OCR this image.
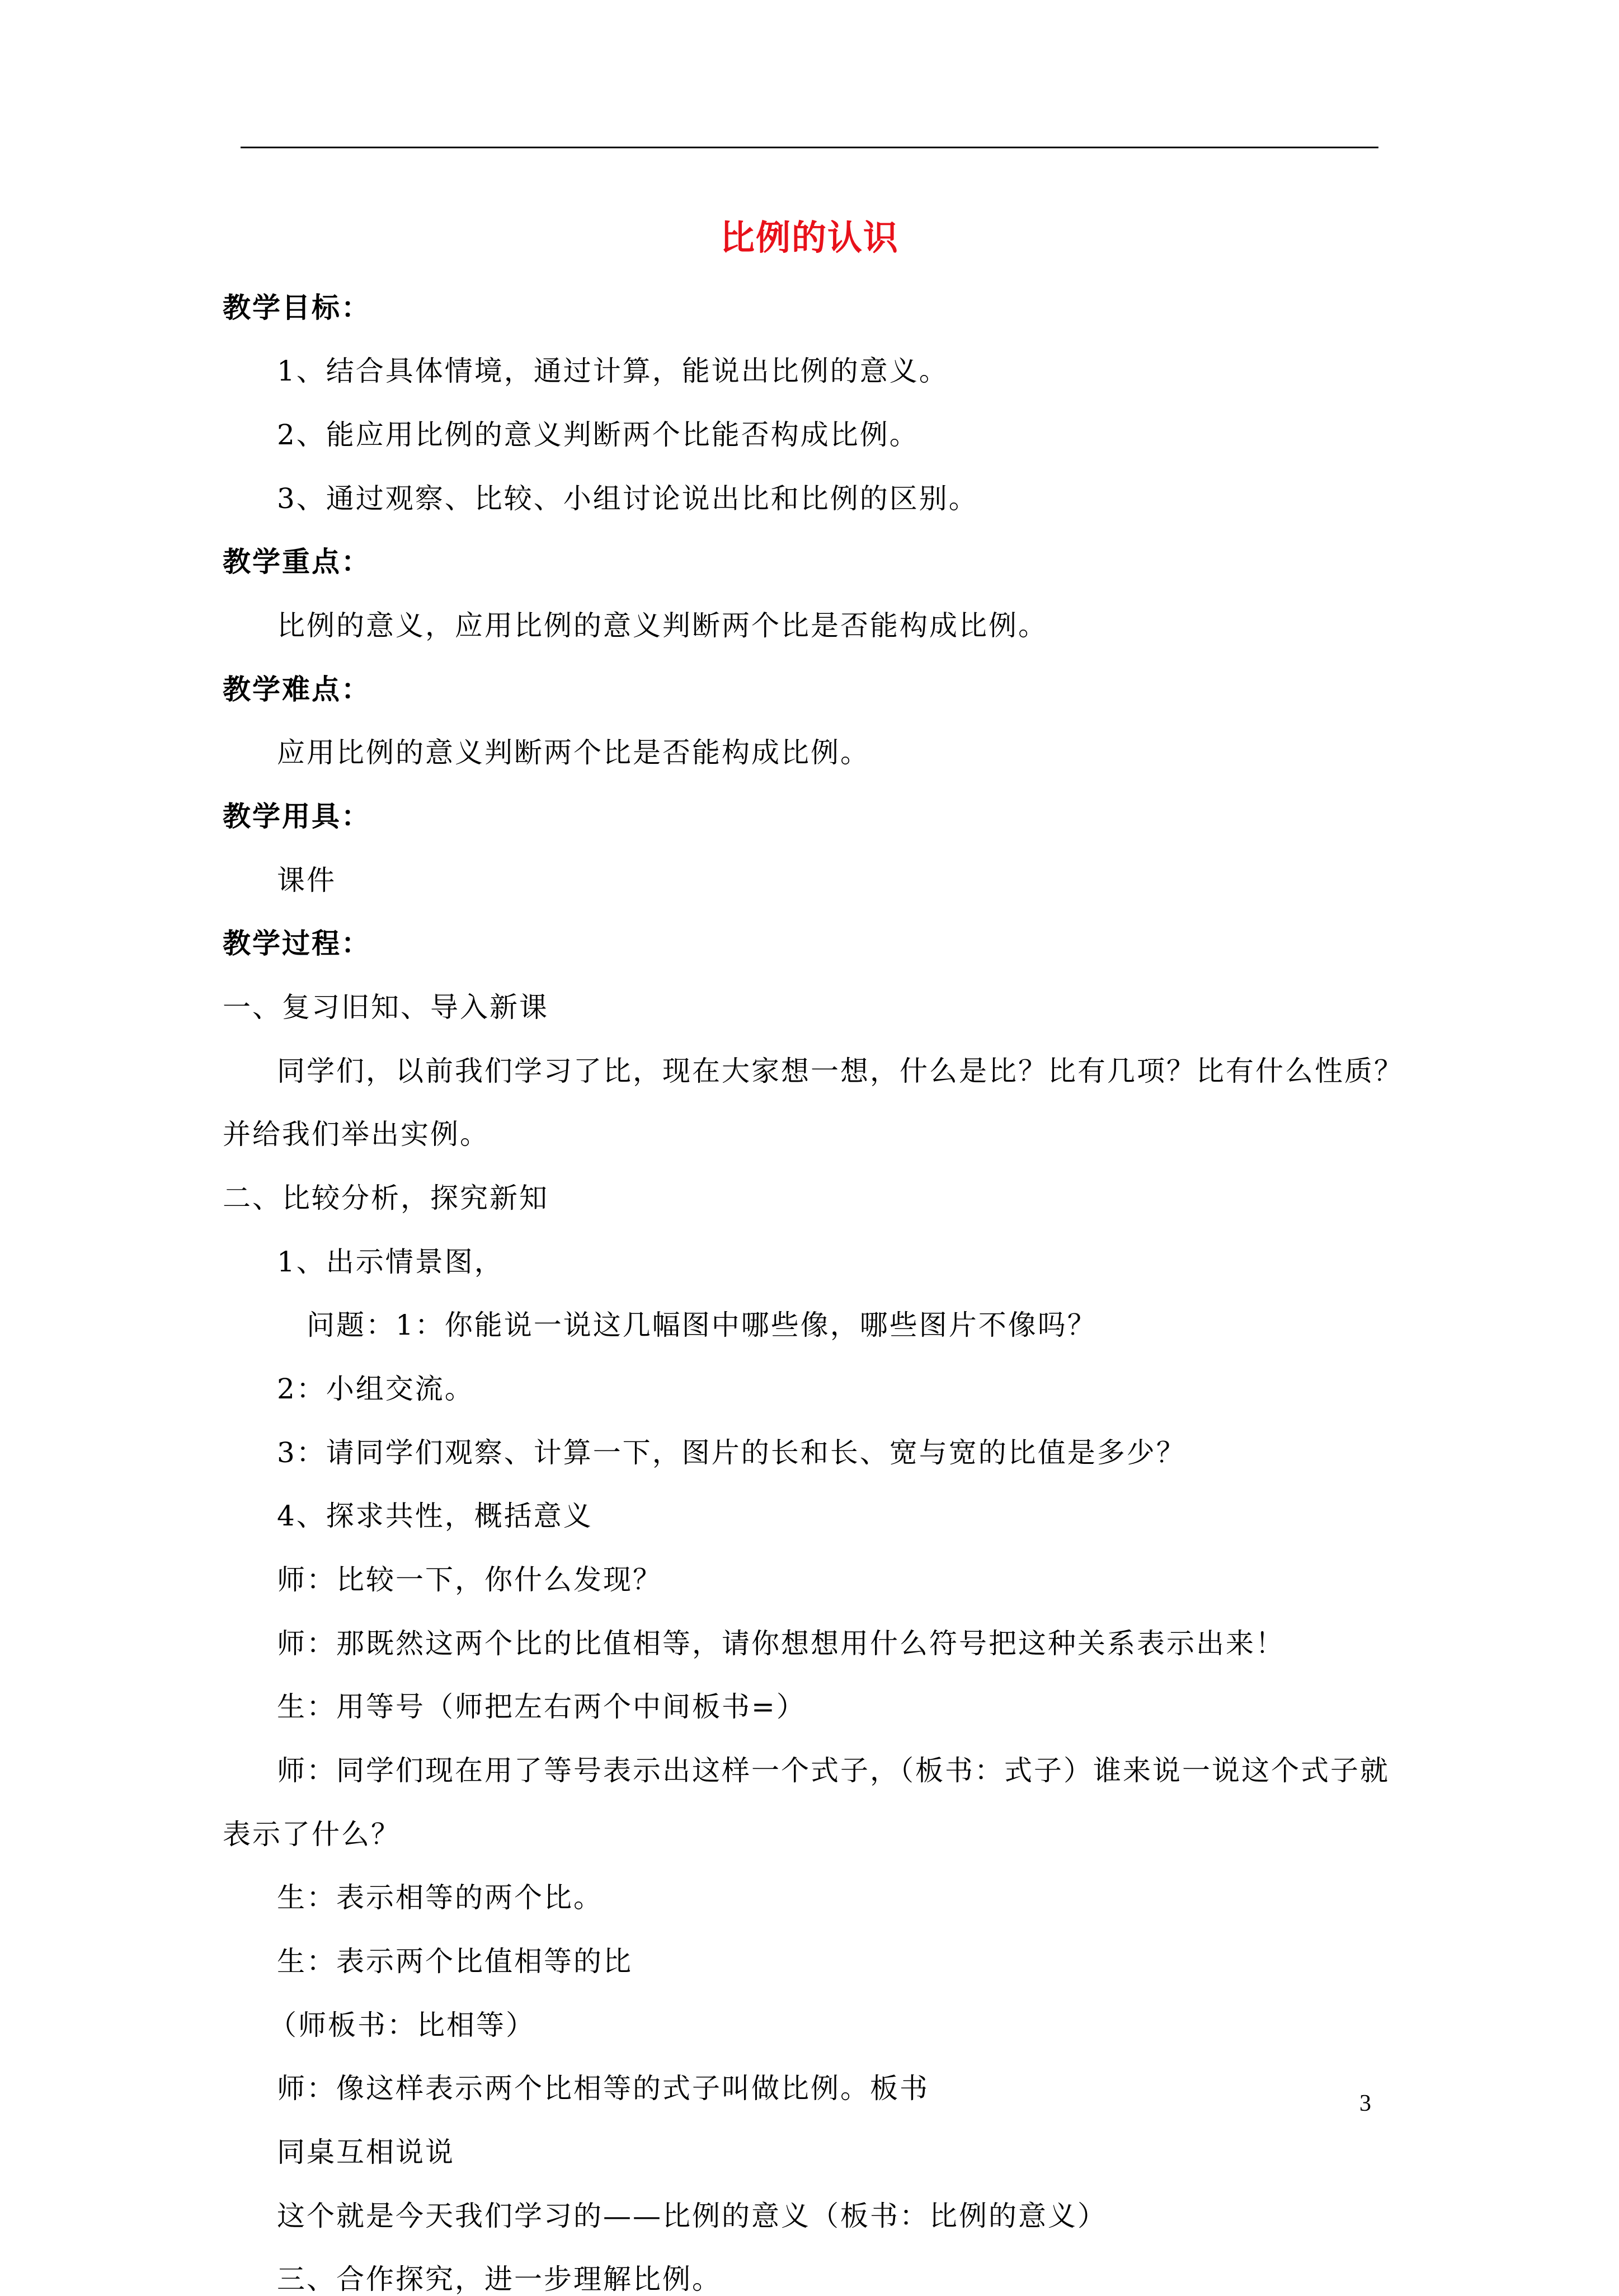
比例的认识
教学目标：
1、结合具体情境，通过计算，能说出比例的意义。
2、能应用比例的意义判断两个比能否构成比例。
3、通过观察、比较、小组讨论说出比和比例的区别。
教学重点：
比例的意义，应用比例的意义判断两个比是否能构成比例。
教学难点：
应用比例的意义判断两个比是否能构成比例。
教学用具：
课件
教学过程：
一、复习旧知、导入新课
同学们，以前我们学习了比，现在大家想一想，什么是比？比有几项？比有什么性质？
并给我们举出实例。
二、比较分析，探究新知
1、出示情景图，
问题：1：你能说一说这几幅图中哪些像，哪些图片不像吗？
2：小组交流。
3：请同学们观察、计算一下，图片的长和长、宽与宽的比值是多少？
4、探求共性，概括意义
师：比较一下，你什么发现？
师：那既然这两个比的比值相等，请你想想用什么符号把这种关系表示出来！
生：用等号（师把左右两个中间板书=）
师：同学们现在用了等号表示出这样一个式子，（板书：式子）谁来说一说这个式子就
表示了什么？
生：表示相等的两个比。
生：表示两个比值相等的比
（师板书：比相等）
师：像这样表示两个比相等的式子叫做比例。板书
同桌互相说说
这个就是今天我们学习的——比例的意义（板书：比例的意义）
三、合作探究，进一步理解比例。
3
